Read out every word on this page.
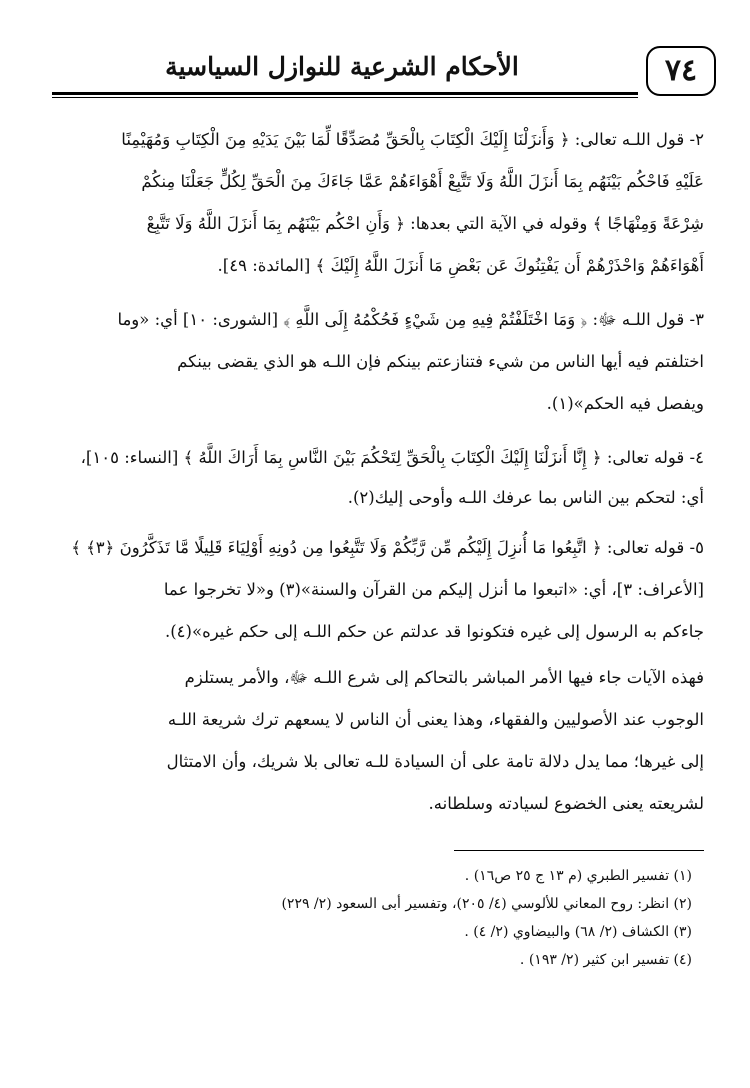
الأحكام الشرعية للنوازل السياسية	٧٤
٢- قول اللـه تعالى: ﴿ وَأَنزَلْنَا إِلَيْكَ الْكِتَابَ بِالْحَقِّ مُصَدِّقًا لِّمَا بَيْنَ يَدَيْهِ مِنَ الْكِتَابِ وَمُهَيْمِنًا
عَلَيْهِ فَاحْكُم بَيْنَهُم بِمَا أَنزَلَ اللَّهُ وَلَا تَتَّبِعْ أَهْوَاءَهُمْ عَمَّا جَاءَكَ مِنَ الْحَقِّ لِكُلٍّ جَعَلْنَا مِنكُمْ
شِرْعَةً وَمِنْهَاجًا ﴾ وقوله في الآية التي بعدها: ﴿ وَأَنِ احْكُم بَيْنَهُم بِمَا أَنزَلَ اللَّهُ وَلَا تَتَّبِعْ
أَهْوَاءَهُمْ وَاحْذَرْهُمْ أَن يَفْتِنُوكَ عَن بَعْضِ مَا أَنزَلَ اللَّهُ إِلَيْكَ ﴾ [المائدة: ٤٩].
٣- قول اللـه ﷻ: ﴿ وَمَا اخْتَلَفْتُمْ فِيهِ مِن شَيْءٍ فَحُكْمُهُ إِلَى اللَّهِ ﴾ [الشورى: ١٠] أي: «وما
اختلفتم فيه أيها الناس من شيء فتنازعتم بينكم فإن اللـه هو الذي يقضى بينكم
ويفصل فيه الحكم»(١).
٤- قوله تعالى: ﴿ إِنَّا أَنزَلْنَا إِلَيْكَ الْكِتَابَ بِالْحَقِّ لِتَحْكُمَ بَيْنَ النَّاسِ بِمَا أَرَاكَ اللَّهُ ﴾ [النساء: ١٠٥]،
أي: لتحكم بين الناس بما عرفك اللـه وأوحى إليك(٢).
٥- قوله تعالى: ﴿ اتَّبِعُوا مَا أُنزِلَ إِلَيْكُم مِّن رَّبِّكُمْ وَلَا تَتَّبِعُوا مِن دُونِهِ أَوْلِيَاءَ قَلِيلًا مَّا تَذَكَّرُونَ ﴿٣﴾ ﴾
[الأعراف: ٣]، أي: «اتبعوا ما أنزل إليكم من القرآن والسنة»(٣) و«لا تخرجوا عما
جاءكم به الرسول إلى غيره فتكونوا قد عدلتم عن حكم اللـه إلى حكم غيره»(٤).
فهذه الآيات جاء فيها الأمر المباشر بالتحاكم إلى شرع اللـه ﷻ، والأمر يستلزم
الوجوب عند الأصوليين والفقهاء، وهذا يعنى أن الناس لا يسعهم ترك شريعة اللـه
إلى غيرها؛ مما يدل دلالة تامة على أن السيادة للـه تعالى بلا شريك، وأن الامتثال
لشريعته يعنى الخضوع لسيادته وسلطانه.
(١) تفسير الطبري (م ١٣ ج ٢٥ ص١٦) .
(٢) انظر: روح المعاني للألوسي (٤/ ٢٠٥)، وتفسير أبى السعود (٢/ ٢٢٩)
(٣) الكشاف (٢/ ٦٨) والبيضاوي (٢/ ٤) .
(٤) تفسير ابن كثير (٢/ ١٩٣) .
